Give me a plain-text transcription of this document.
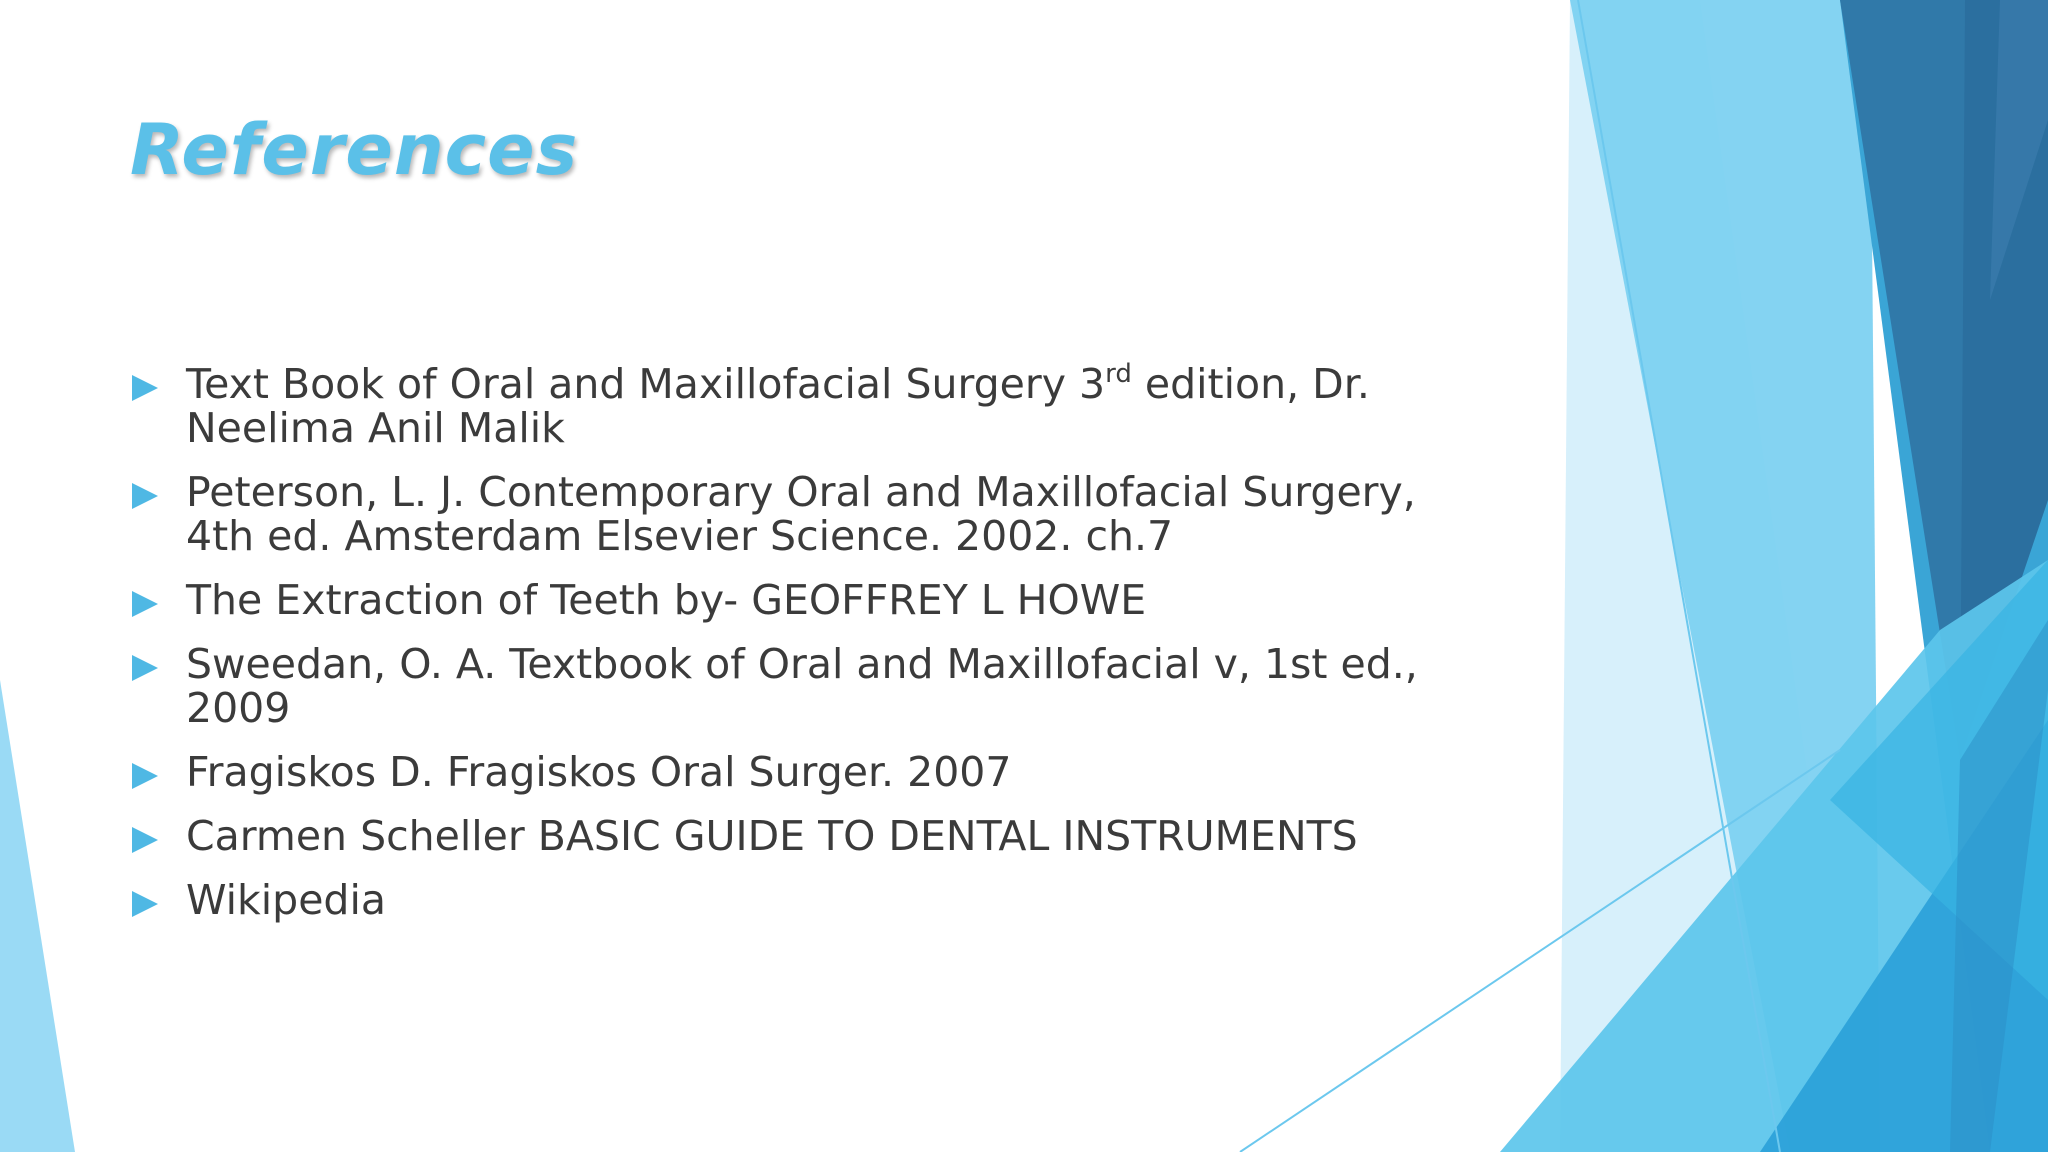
References
Text Book of Oral and Maxillofacial Surgery 3rd edition, Dr. Neelima Anil Malik
Peterson, L. J. Contemporary Oral and Maxillofacial Surgery, 4th ed. Amsterdam Elsevier Science. 2002. ch.7
The Extraction of Teeth by- GEOFFREY L HOWE
Sweedan, O. A. Textbook of Oral and Maxillofacial v, 1st ed., 2009
Fragiskos D. Fragiskos Oral Surger. 2007
Carmen Scheller BASIC GUIDE TO DENTAL INSTRUMENTS
Wikipedia
